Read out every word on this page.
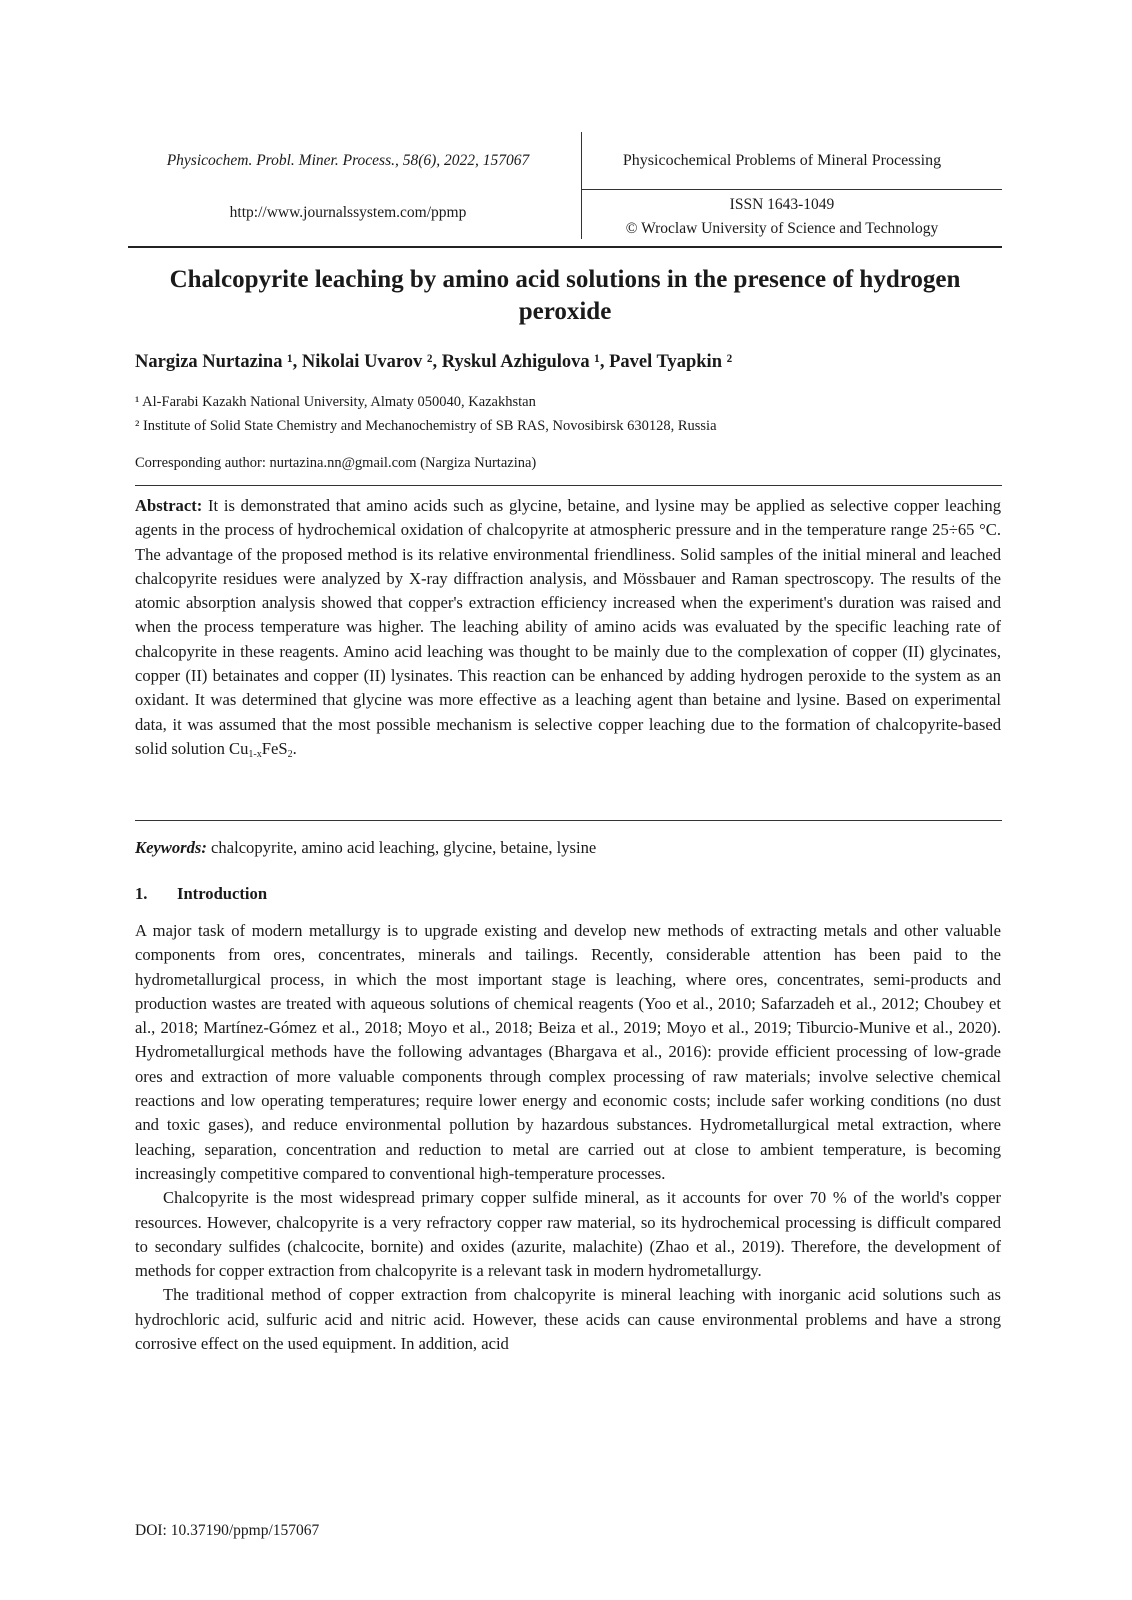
Physicochem. Probl. Miner. Process., 58(6), 2022, 157067
http://www.journalssystem.com/ppmp
Physicochemical Problems of Mineral Processing
ISSN 1643-1049
© Wroclaw University of Science and Technology
Chalcopyrite leaching by amino acid solutions in the presence of hydrogen peroxide
Nargiza Nurtazina ¹, Nikolai Uvarov ², Ryskul Azhigulova ¹, Pavel Tyapkin ²
¹ Al-Farabi Kazakh National University, Almaty 050040, Kazakhstan
² Institute of Solid State Chemistry and Mechanochemistry of SB RAS, Novosibirsk 630128, Russia
Corresponding author: nurtazina.nn@gmail.com (Nargiza Nurtazina)

Abstract: It is demonstrated that amino acids such as glycine, betaine, and lysine may be applied as selective copper leaching agents in the process of hydrochemical oxidation of chalcopyrite at atmospheric pressure and in the temperature range 25÷65 °C. The advantage of the proposed method is its relative environmental friendliness. Solid samples of the initial mineral and leached chalcopyrite residues were analyzed by X-ray diffraction analysis, and Mössbauer and Raman spectroscopy. The results of the atomic absorption analysis showed that copper's extraction efficiency increased when the experiment's duration was raised and when the process temperature was higher. The leaching ability of amino acids was evaluated by the specific leaching rate of chalcopyrite in these reagents. Amino acid leaching was thought to be mainly due to the complexation of copper (II) glycinates, copper (II) betainates and copper (II) lysinates. This reaction can be enhanced by adding hydrogen peroxide to the system as an oxidant. It was determined that glycine was more effective as a leaching agent than betaine and lysine. Based on experimental data, it was assumed that the most possible mechanism is selective copper leaching due to the formation of chalcopyrite-based solid solution $Cu_{1-x}FeS_2$.

Keywords: chalcopyrite, amino acid leaching, glycine, betaine, lysine
1. Introduction

A major task of modern metallurgy is to upgrade existing and develop new methods of extracting metals and other valuable components from ores, concentrates, minerals and tailings. Recently, considerable attention has been paid to the hydrometallurgical process, in which the most important stage is leaching, where ores, concentrates, semi-products and production wastes are treated with aqueous solutions of chemical reagents (Yoo et al., 2010; Safarzadeh et al., 2012; Choubey et al., 2018; Martínez-Gómez et al., 2018; Moyo et al., 2018; Beiza et al., 2019; Moyo et al., 2019; Tiburcio-Munive et al., 2020). Hydrometallurgical methods have the following advantages (Bhargava et al., 2016): provide efficient processing of low-grade ores and extraction of more valuable components through complex processing of raw materials; involve selective chemical reactions and low operating temperatures; require lower energy and economic costs; include safer working conditions (no dust and toxic gases), and reduce environmental pollution by hazardous substances. Hydrometallurgical metal extraction, where leaching, separation, concentration and reduction to metal are carried out at close to ambient temperature, is becoming increasingly competitive compared to conventional high-temperature processes.

Chalcopyrite is the most widespread primary copper sulfide mineral, as it accounts for over 70 % of the world's copper resources. However, chalcopyrite is a very refractory copper raw material, so its hydrochemical processing is difficult compared to secondary sulfides (chalcocite, bornite) and oxides (azurite, malachite) (Zhao et al., 2019). Therefore, the development of methods for copper extraction from chalcopyrite is a relevant task in modern hydrometallurgy.

The traditional method of copper extraction from chalcopyrite is mineral leaching with inorganic acid solutions such as hydrochloric acid, sulfuric acid and nitric acid. However, these acids can cause environmental problems and have a strong corrosive effect on the used equipment. In addition, acid

DOI: 10.37190/ppmp/157067
